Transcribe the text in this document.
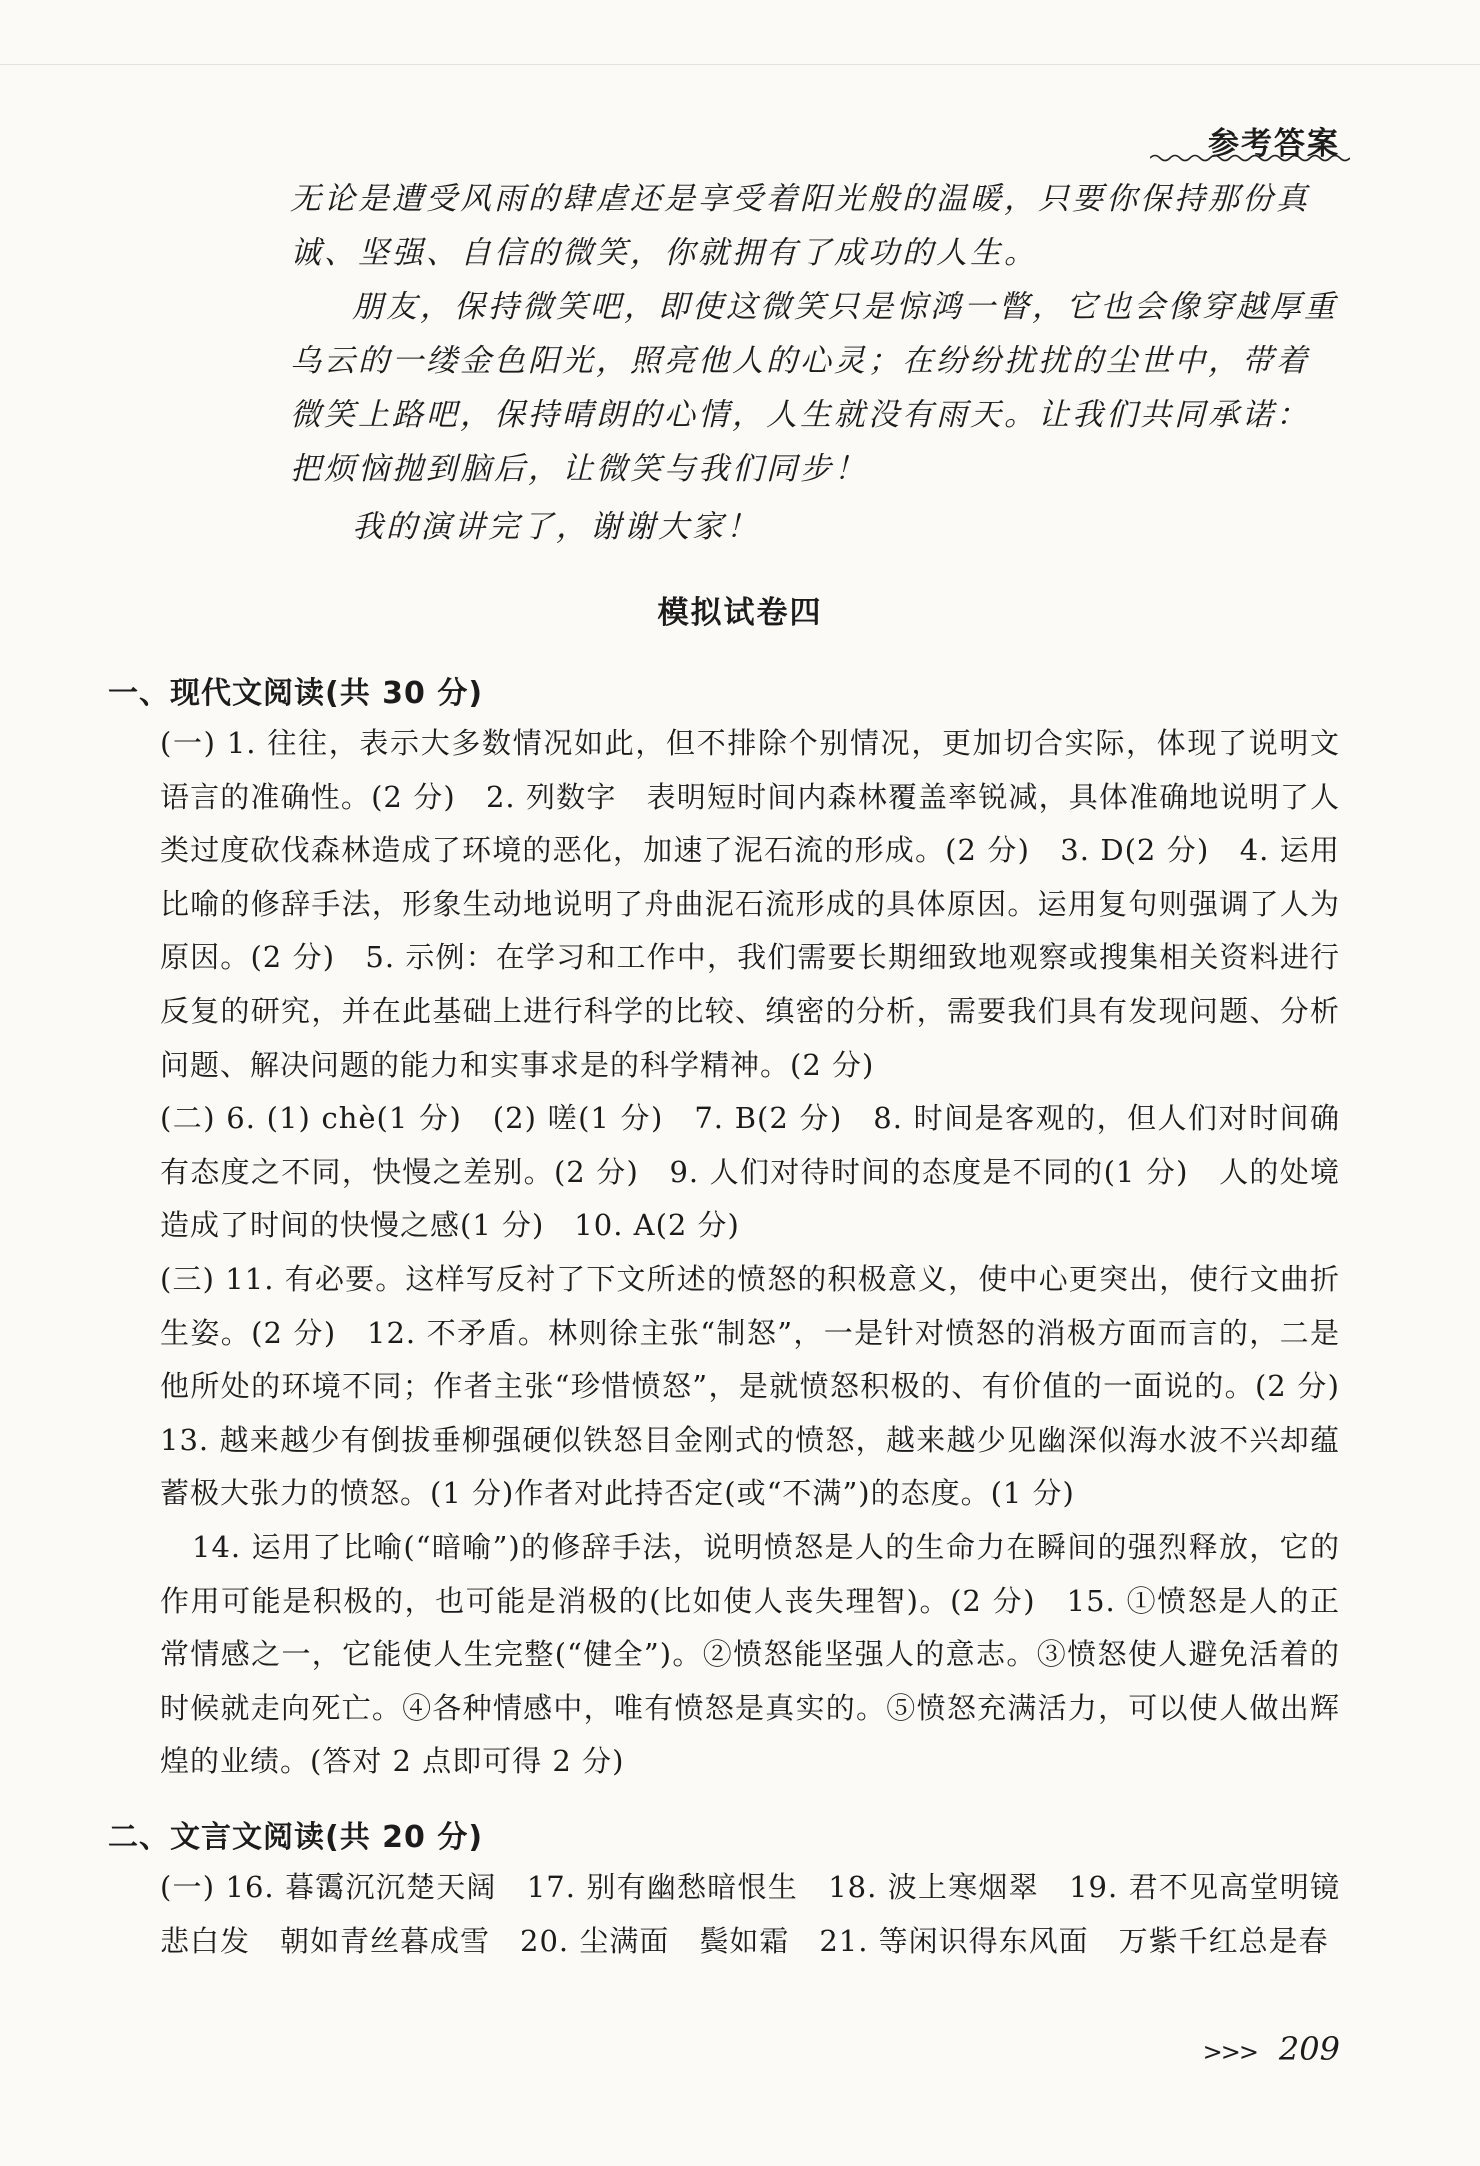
参考答案

无论是遭受风雨的肆虐还是享受着阳光般的温暖，只要你保持那份真诚、坚强、自信的微笑，你就拥有了成功的人生。

朋友，保持微笑吧，即使这微笑只是惊鸿一瞥，它也会像穿越厚重乌云的一缕金色阳光，照亮他人的心灵；在纷纷扰扰的尘世中，带着微笑上路吧，保持晴朗的心情，人生就没有雨天。让我们共同承诺：把烦恼抛到脑后，让微笑与我们同步！

我的演讲完了，谢谢大家！

模拟试卷四
一、现代文阅读(共 30 分)

(一) 1. 往往，表示大多数情况如此，但不排除个别情况，更加切合实际，体现了说明文语言的准确性。(2 分)　2. 列数字　表明短时间内森林覆盖率锐减，具体准确地说明了人类过度砍伐森林造成了环境的恶化，加速了泥石流的形成。(2 分)　3. D(2 分)　4. 运用比喻的修辞手法，形象生动地说明了舟曲泥石流形成的具体原因。运用复句则强调了人为原因。(2 分)　5. 示例：在学习和工作中，我们需要长期细致地观察或搜集相关资料进行反复的研究，并在此基础上进行科学的比较、缜密的分析，需要我们具有发现问题、分析问题、解决问题的能力和实事求是的科学精神。(2 分)

(二) 6. (1) chè(1 分)　(2) 嗟(1 分)　7. B(2 分)　8. 时间是客观的，但人们对时间确有态度之不同，快慢之差别。(2 分)　9. 人们对待时间的态度是不同的(1 分)　人的处境造成了时间的快慢之感(1 分)　10. A(2 分)

(三) 11. 有必要。这样写反衬了下文所述的愤怒的积极意义，使中心更突出，使行文曲折生姿。(2 分)　12. 不矛盾。林则徐主张“制怒”，一是针对愤怒的消极方面而言的，二是他所处的环境不同；作者主张“珍惜愤怒”，是就愤怒积极的、有价值的一面说的。(2 分)　13. 越来越少有倒拔垂柳强硬似铁怒目金刚式的愤怒，越来越少见幽深似海水波不兴却蕴蓄极大张力的愤怒。(1 分)作者对此持否定(或“不满”)的态度。(1 分)

14. 运用了比喻(“暗喻”)的修辞手法，说明愤怒是人的生命力在瞬间的强烈释放，它的作用可能是积极的，也可能是消极的(比如使人丧失理智)。(2 分)　15. ①愤怒是人的正常情感之一，它能使人生完整(“健全”)。②愤怒能坚强人的意志。③愤怒使人避免活着的时候就走向死亡。④各种情感中，唯有愤怒是真实的。⑤愤怒充满活力，可以使人做出辉煌的业绩。(答对 2 点即可得 2 分)

二、文言文阅读(共 20 分)

(一) 16. 暮霭沉沉楚天阔　17. 别有幽愁暗恨生　18. 波上寒烟翠　19. 君不见高堂明镜悲白发　朝如青丝暮成雪　20. 尘满面　鬓如霜　21. 等闲识得东风面　万紫千红总是春

>>> 209
